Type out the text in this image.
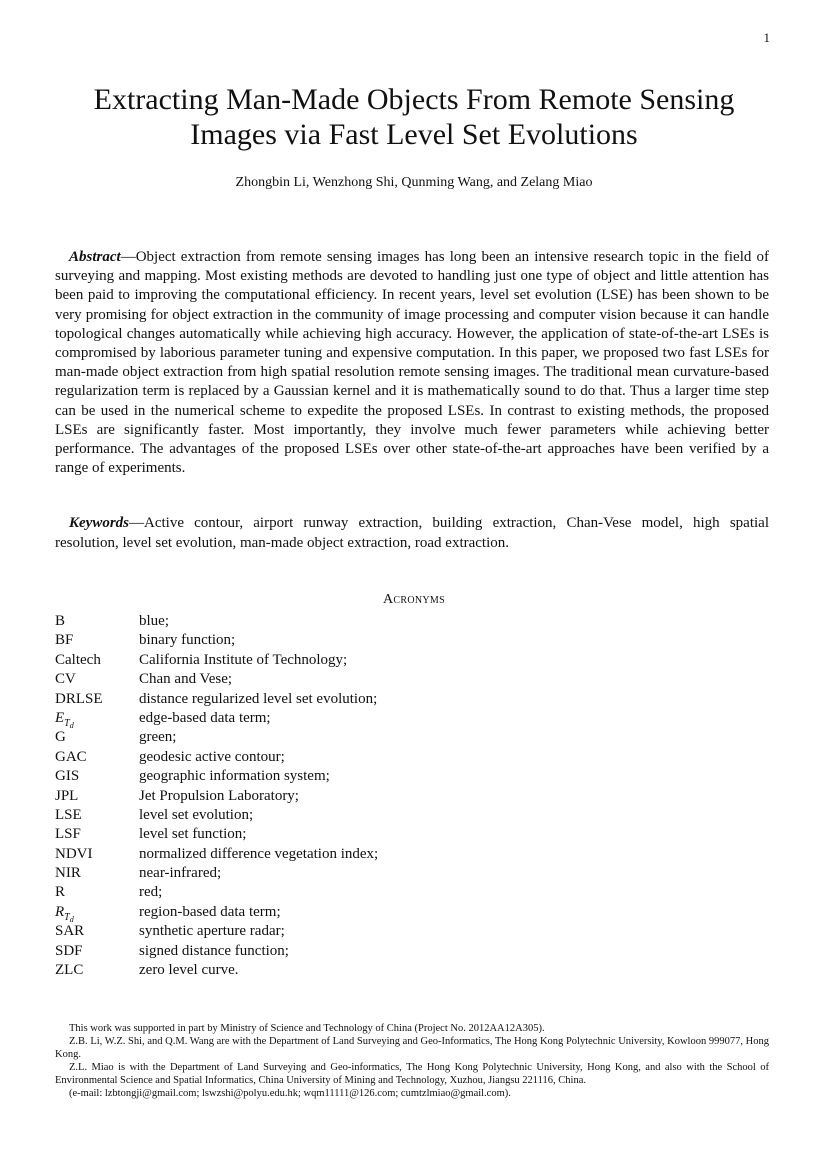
1
Extracting Man-Made Objects From Remote Sensing
Images via Fast Level Set Evolutions
Zhongbin Li, Wenzhong Shi, Qunming Wang, and Zelang Miao

Abstract—Object extraction from remote sensing images has long been an intensive research topic in the field of surveying and mapping. Most existing methods are devoted to handling just one type of object and little attention has been paid to improving the computational efficiency. In recent years, level set evolution (LSE) has been shown to be very promising for object extraction in the community of image processing and computer vision because it can handle topological changes automatically while achieving high accuracy. However, the application of state-of-the-art LSEs is compromised by laborious parameter tuning and expensive computation. In this paper, we proposed two fast LSEs for man-made object extraction from high spatial resolution remote sensing images. The traditional mean curvature-based regularization term is replaced by a Gaussian kernel and it is mathematically sound to do that. Thus a larger time step can be used in the numerical scheme to expedite the proposed LSEs. In contrast to existing methods, the proposed LSEs are significantly faster. Most importantly, they involve much fewer parameters while achieving better performance. The advantages of the proposed LSEs over other state-of-the-art approaches have been verified by a range of experiments.

Keywords—Active contour, airport runway extraction, building extraction, Chan-Vese model, high spatial resolution, level set evolution, man-made object extraction, road extraction.

Acronyms
B	blue;
BF	binary function;
Caltech	California Institute of Technology;
CV	Chan and Vese;
DRLSE	distance regularized level set evolution;
$E_{T_d}$	edge-based data term;
G	green;
GAC	geodesic active contour;
GIS	geographic information system;
JPL	Jet Propulsion Laboratory;
LSE	level set evolution;
LSF	level set function;
NDVI	normalized difference vegetation index;
NIR	near-infrared;
R	red;
$R_{T_d}$	region-based data term;
SAR	synthetic aperture radar;
SDF	signed distance function;
ZLC	zero level curve.

This work was supported in part by Ministry of Science and Technology of China (Project No. 2012AA12A305).

Z.B. Li, W.Z. Shi, and Q.M. Wang are with the Department of Land Surveying and Geo-Informatics, The Hong Kong Polytechnic University, Kowloon 999077, Hong Kong.

Z.L. Miao is with the Department of Land Surveying and Geo-informatics, The Hong Kong Polytechnic University, Hong Kong, and also with the School of Environmental Science and Spatial Informatics, China University of Mining and Technology, Xuzhou, Jiangsu 221116, China.

(e-mail: lzbtongji@gmail.com; lswzshi@polyu.edu.hk; wqm11111@126.com; cumtzlmiao@gmail.com).
